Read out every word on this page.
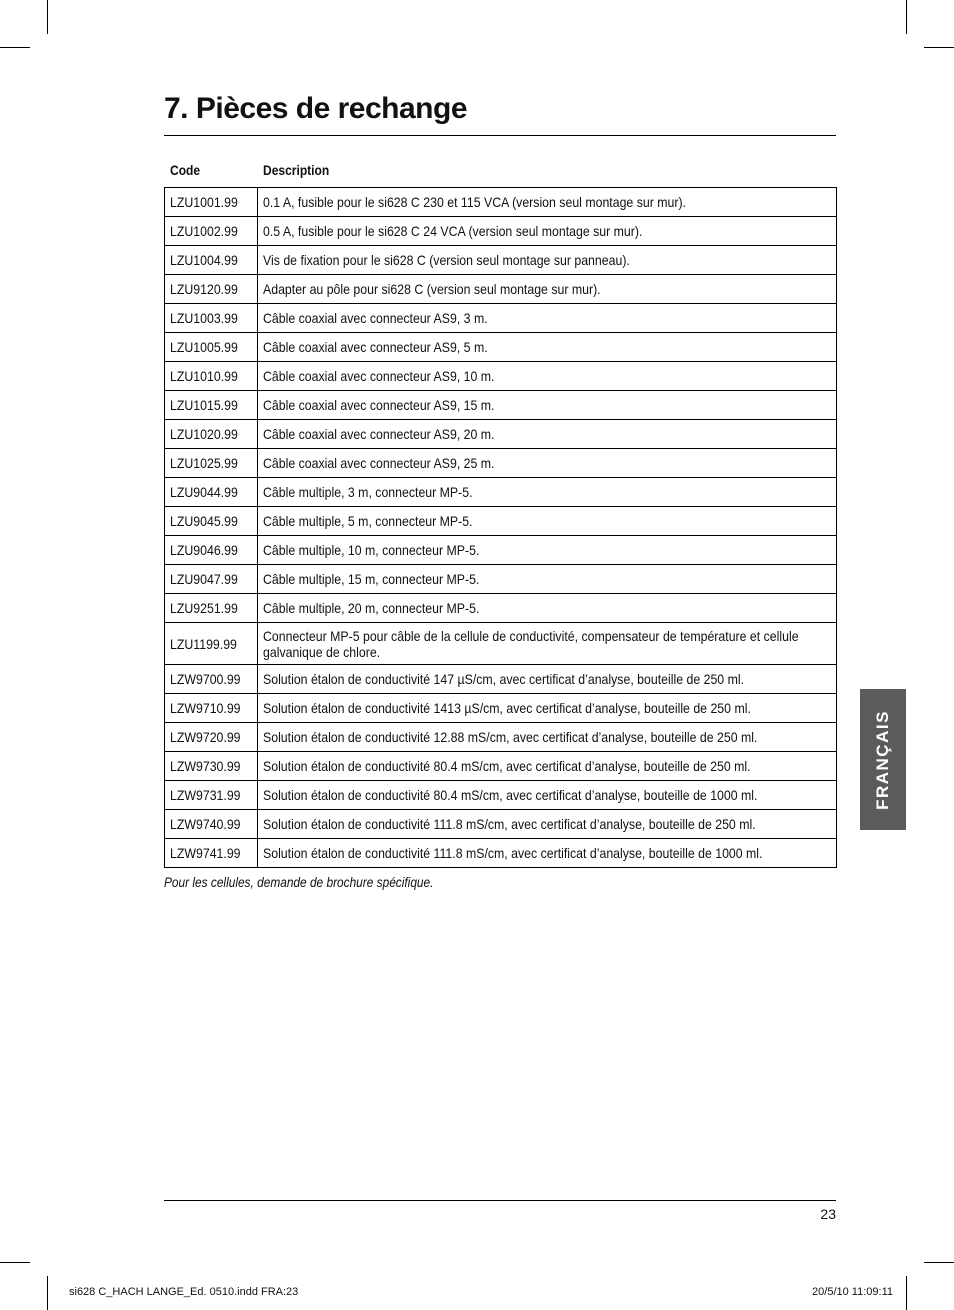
7. Pièces de rechange
Code	Description
LZU1001.99	0.1 A, fusible pour le si628 C 230 et 115 VCA (version seul montage sur mur).

LZU1002.99	0.5 A, fusible pour le si628 C 24 VCA (version seul montage sur mur).

LZU1004.99	Vis de fixation pour le si628 C (version seul montage sur panneau).

LZU9120.99	Adapter au pôle pour si628 C (version seul montage sur mur).

LZU1003.99	Câble coaxial avec connecteur AS9, 3 m.

LZU1005.99	Câble coaxial avec connecteur AS9, 5 m.

LZU1010.99	Câble coaxial avec connecteur AS9, 10 m.

LZU1015.99	Câble coaxial avec connecteur AS9, 15 m.

LZU1020.99	Câble coaxial avec connecteur AS9, 20 m.

LZU1025.99	Câble coaxial avec connecteur AS9, 25 m.

LZU9044.99	Câble multiple, 3 m, connecteur MP-5.

LZU9045.99	Câble multiple, 5 m, connecteur MP-5.

LZU9046.99	Câble multiple, 10 m, connecteur MP-5.

LZU9047.99	Câble multiple, 15 m, connecteur MP-5.

LZU9251.99	Câble multiple, 20 m, connecteur MP-5.

LZU1199.99	Connecteur MP-5 pour câble de la cellule de conductivité, compensateur de température et cellule galvanique de chlore.

LZW9700.99	Solution étalon de conductivité 147 µS/cm, avec certificat d’analyse, bouteille de 250 ml.

LZW9710.99	Solution étalon de conductivité 1413 µS/cm, avec certificat d’analyse, bouteille de 250 ml.

LZW9720.99	Solution étalon de conductivité 12.88 mS/cm, avec certificat d’analyse, bouteille de 250 ml.

LZW9730.99	Solution étalon de conductivité 80.4 mS/cm, avec certificat d’analyse, bouteille de 250 ml.

LZW9731.99	Solution étalon de conductivité 80.4 mS/cm, avec certificat d’analyse, bouteille de 1000 ml.

LZW9740.99	Solution étalon de conductivité 111.8 mS/cm, avec certificat d’analyse, bouteille de 250 ml.

LZW9741.99	Solution étalon de conductivité 111.8 mS/cm, avec certificat d’analyse, bouteille de 1000 ml.
Pour les cellules, demande de brochure spécifique.
FRANÇAIS
23
si628 C_HACH LANGE_Ed. 0510.indd FRA:23	20/5/10 11:09:11
